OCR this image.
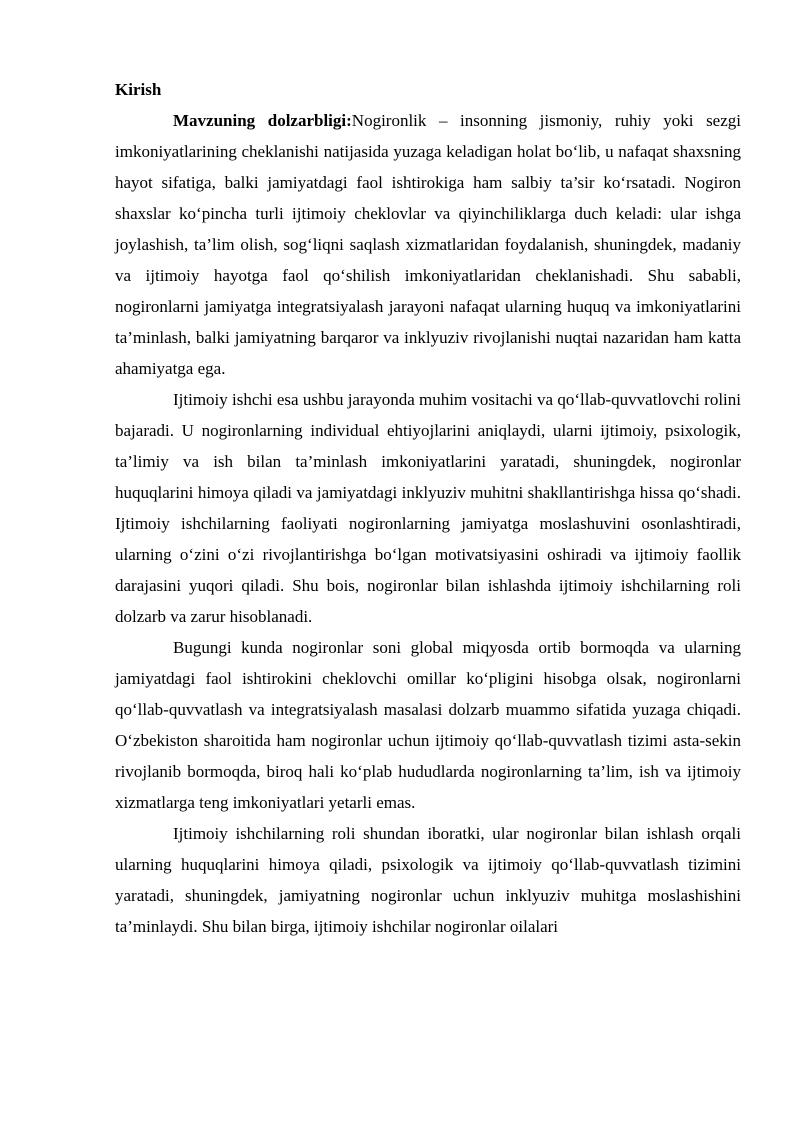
Kirish

Mavzuning dolzarbligi:Nogironlik – insonning jismoniy, ruhiy yoki sezgi imkoniyatlarining cheklanishi natijasida yuzaga keladigan holat bo‘lib, u nafaqat shaxsning hayot sifatiga, balki jamiyatdagi faol ishtirokiga ham salbiy ta’sir ko‘rsatadi. Nogiron shaxslar ko‘pincha turli ijtimoiy cheklovlar va qiyinchiliklarga duch keladi: ular ishga joylashish, ta’lim olish, sog‘liqni saqlash xizmatlaridan foydalanish, shuningdek, madaniy va ijtimoiy hayotga faol qo‘shilish imkoniyatlaridan cheklanishadi. Shu sababli, nogironlarni jamiyatga integratsiyalash jarayoni nafaqat ularning huquq va imkoniyatlarini ta’minlash, balki jamiyatning barqaror va inklyuziv rivojlanishi nuqtai nazaridan ham katta ahamiyatga ega.

Ijtimoiy ishchi esa ushbu jarayonda muhim vositachi va qo‘llab-quvvatlovchi rolini bajaradi. U nogironlarning individual ehtiyojlarini aniqlaydi, ularni ijtimoiy, psixologik, ta’limiy va ish bilan ta’minlash imkoniyatlarini yaratadi, shuningdek, nogironlar huquqlarini himoya qiladi va jamiyatdagi inklyuziv muhitni shakllantirishga hissa qo‘shadi. Ijtimoiy ishchilarning faoliyati nogironlarning jamiyatga moslashuvini osonlashtiradi, ularning o‘zini o‘zi rivojlantirishga bo‘lgan motivatsiyasini oshiradi va ijtimoiy faollik darajasini yuqori qiladi. Shu bois, nogironlar bilan ishlashda ijtimoiy ishchilarning roli dolzarb va zarur hisoblanadi.

Bugungi kunda nogironlar soni global miqyosda ortib bormoqda va ularning jamiyatdagi faol ishtirokini cheklovchi omillar ko‘pligini hisobga olsak, nogironlarni qo‘llab-quvvatlash va integratsiyalash masalasi dolzarb muammo sifatida yuzaga chiqadi. O‘zbekiston sharoitida ham nogironlar uchun ijtimoiy qo‘llab-quvvatlash tizimi asta-sekin rivojlanib bormoqda, biroq hali ko‘plab hududlarda nogironlarning ta’lim, ish va ijtimoiy xizmatlarga teng imkoniyatlari yetarli emas.

Ijtimoiy ishchilarning roli shundan iboratki, ular nogironlar bilan ishlash orqali ularning huquqlarini himoya qiladi, psixologik va ijtimoiy qo‘llab-quvvatlash tizimini yaratadi, shuningdek, jamiyatning nogironlar uchun inklyuziv muhitga moslashishini ta’minlaydi. Shu bilan birga, ijtimoiy ishchilar nogironlar oilalari
